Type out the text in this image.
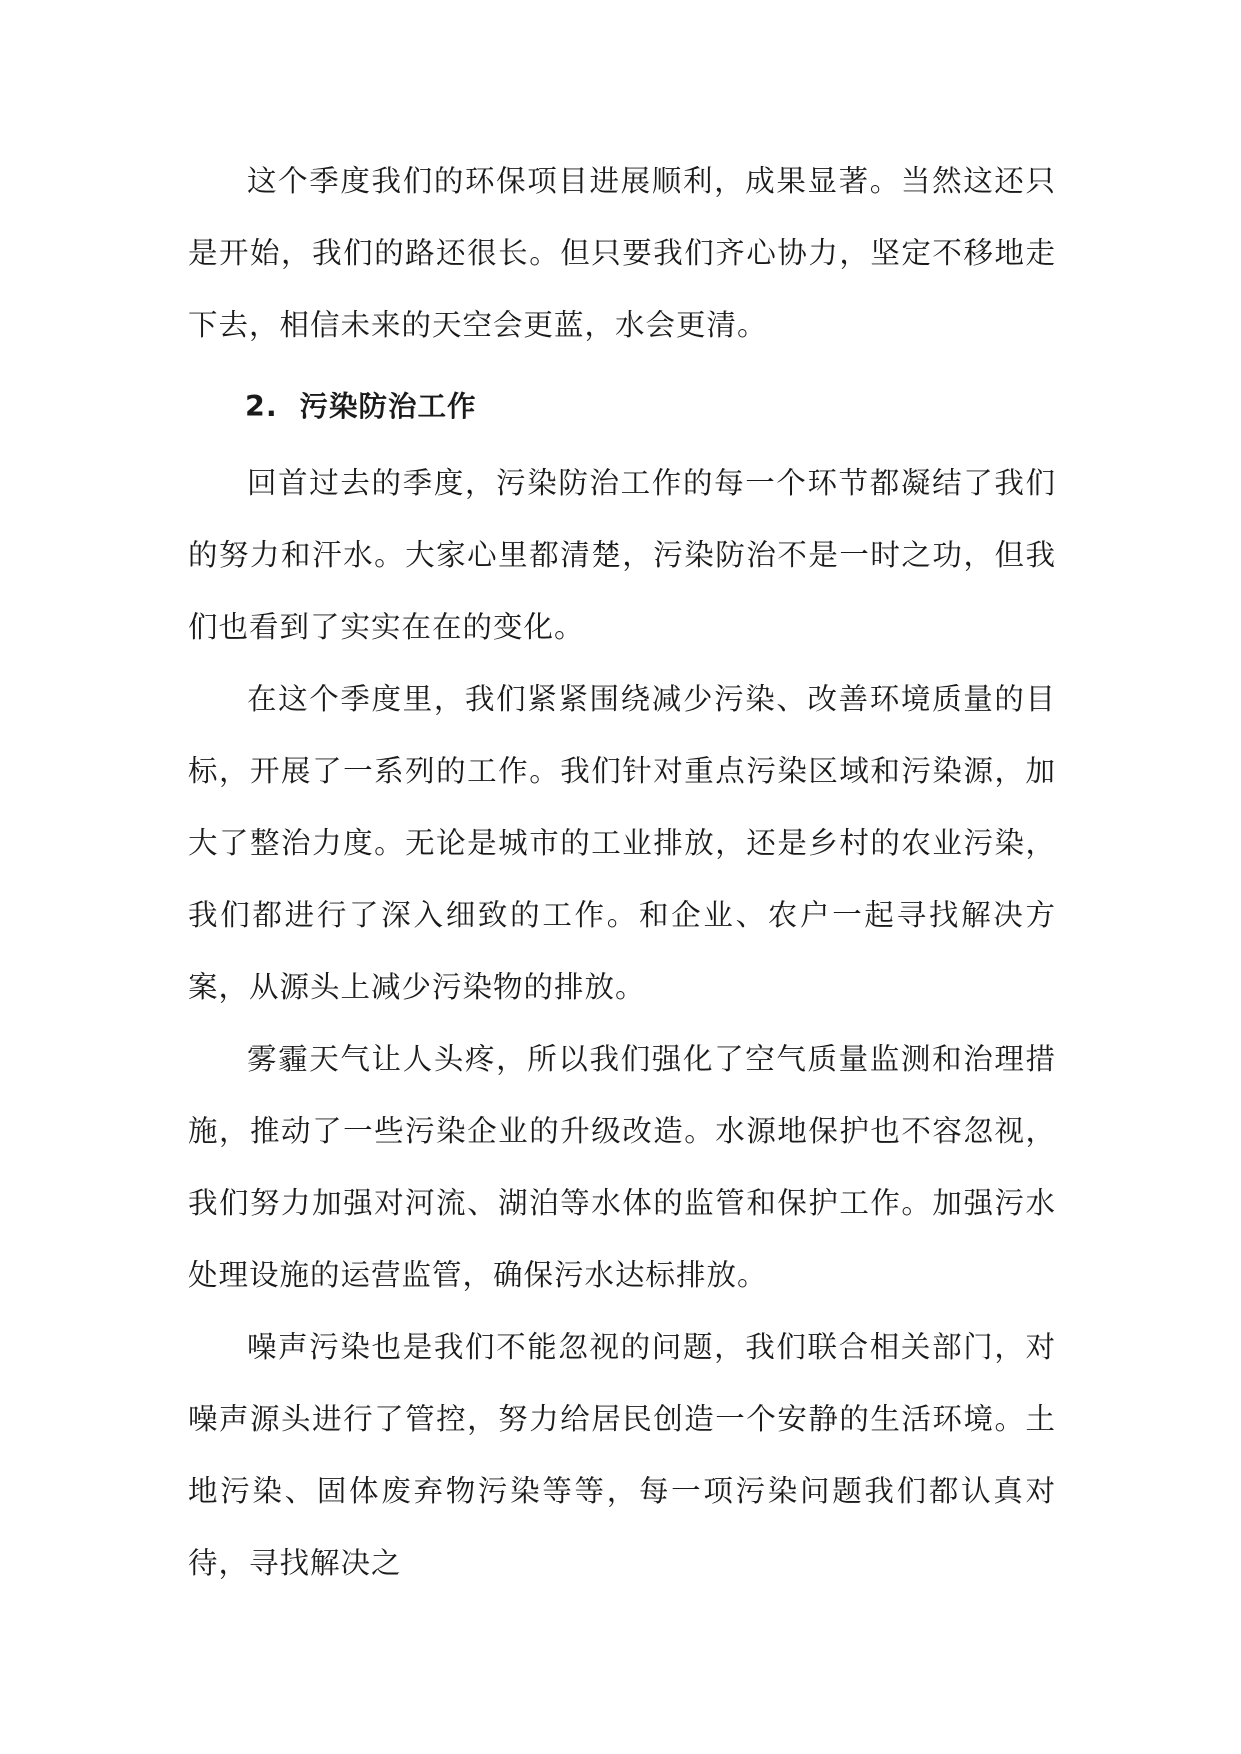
这个季度我们的环保项目进展顺利，成果显著。当然这还只是开始，我们的路还很长。但只要我们齐心协力，坚定不移地走下去，相信未来的天空会更蓝，水会更清。

2. 污染防治工作

回首过去的季度，污染防治工作的每一个环节都凝结了我们的努力和汗水。大家心里都清楚，污染防治不是一时之功，但我们也看到了实实在在的变化。

在这个季度里，我们紧紧围绕减少污染、改善环境质量的目标，开展了一系列的工作。我们针对重点污染区域和污染源，加大了整治力度。无论是城市的工业排放，还是乡村的农业污染，我们都进行了深入细致的工作。和企业、农户一起寻找解决方案，从源头上减少污染物的排放。

雾霾天气让人头疼，所以我们强化了空气质量监测和治理措施，推动了一些污染企业的升级改造。水源地保护也不容忽视，我们努力加强对河流、湖泊等水体的监管和保护工作。加强污水处理设施的运营监管，确保污水达标排放。

噪声污染也是我们不能忽视的问题，我们联合相关部门，对噪声源头进行了管控，努力给居民创造一个安静的生活环境。土地污染、固体废弃物污染等等，每一项污染问题我们都认真对待，寻找解决之
